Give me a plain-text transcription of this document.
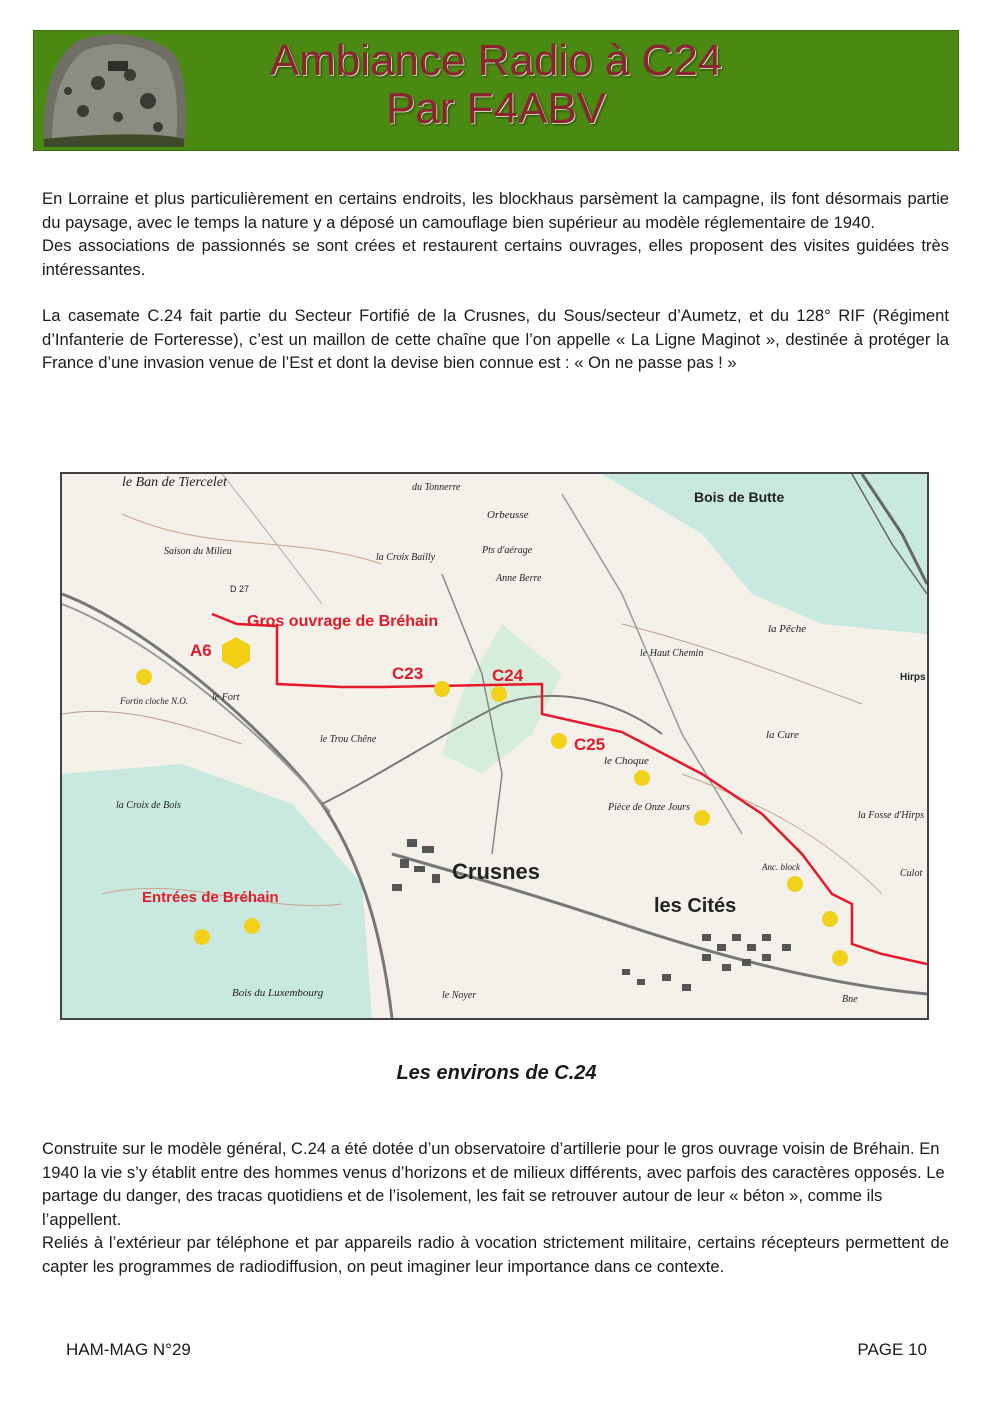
Ambiance Radio à C24
Par F4ABV

En Lorraine et plus particulièrement en certains endroits, les blockhaus parsèment la campagne, ils font désormais partie du paysage, avec le temps la nature y a déposé un camouflage bien supérieur au modèle réglementaire de 1940.

Des associations de passionnés se sont crées et restaurent certains ouvrages, elles proposent des visites guidées très intéressantes.

La casemate C.24 fait partie du Secteur Fortifié de la Crusnes, du Sous/secteur d’Aumetz, et du 128° RIF (Régiment d’Infanterie de Forteresse), c’est un maillon de cette chaîne que l’on appelle « La Ligne Maginot », destinée à protéger la France d’une invasion venue de l’Est et dont la devise bien connue est : « On ne passe pas ! »

Gros ouvrage de Bréhain
A6
C23	C24
C25
Entrées de Bréhain
Crusnes
les Cités
Bois de Butte
le Ban de Tiercelet	du Tonnerre
Orbeusse
Saison du Milieu
la Croix Bailly
Pts d'aérage
Anne Berre
la Pêche
le Haut Chemin
Hirps
la Cure
le Fort
Fortin cloche N.O.
le Trou Chêne
le Choque
la Croix de Bois	Pièce de Onze Jours
la Fosse d'Hirps
le Noyer
Bois du Luxembourg
D 27
Anc. block
Culot
Bne
Les environs de C.24

Construite sur le modèle général, C.24 a été dotée d’un observatoire d’artillerie pour le gros ouvrage voisin de Bréhain. En 1940 la vie s’y établit entre des hommes venus d’horizons et de milieux différents, avec parfois des caractères opposés. Le partage du danger, des tracas quotidiens et de l’isolement, les fait se retrouver autour de leur « béton », comme ils l’appellent.

Reliés à l’extérieur par téléphone et par appareils radio à vocation strictement militaire, certains récepteurs permettent de capter les programmes de radiodiffusion, on peut imaginer leur importance dans ce contexte.

HAM-MAG N°29	PAGE 10
